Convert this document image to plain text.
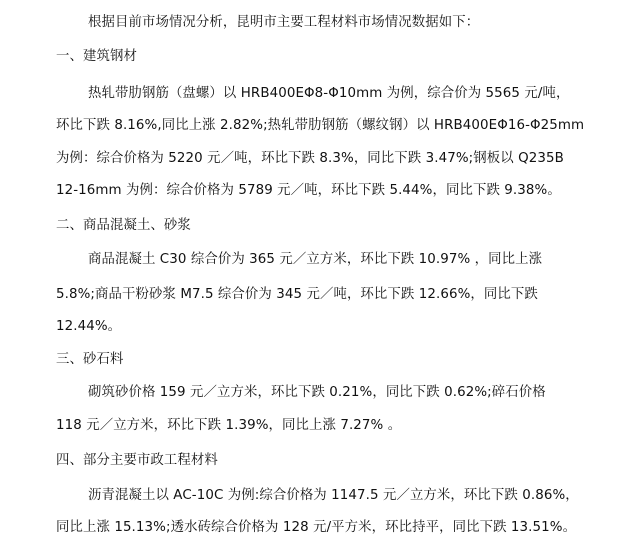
根据目前市场情况分析，昆明市主要工程材料市场情况数据如下：
一、建筑钢材
热轧带肋钢筋（盘螺）以 HRB400EΦ8-Φ10mm 为例，综合价为 5565 元/吨，
环比下跌 8.16%,同比上涨 2.82%;热轧带肋钢筋（螺纹钢）以 HRB400EΦ16-Φ25mm
为例：综合价格为 5220 元／吨，环比下跌 8.3%，同比下跌 3.47%;钢板以 Q235B
12-16mm 为例：综合价格为 5789 元／吨，环比下跌 5.44%，同比下跌 9.38%。
二、商品混凝土、砂浆
商品混凝土 C30 综合价为 365 元／立方米，环比下跌 10.97% ，同比上涨
5.8%;商品干粉砂浆 M7.5 综合价为 345 元／吨，环比下跌 12.66%，同比下跌
12.44%。
三、砂石料
砌筑砂价格 159 元／立方米，环比下跌 0.21%，同比下跌 0.62%;碎石价格
118 元／立方米，环比下跌 1.39%，同比上涨 7.27% 。
四、部分主要市政工程材料
沥青混凝土以 AC-10C 为例:综合价格为 1147.5 元／立方米，环比下跌 0.86%，
同比上涨 15.13%;透水砖综合价格为 128 元/平方米，环比持平，同比下跌 13.51%。
